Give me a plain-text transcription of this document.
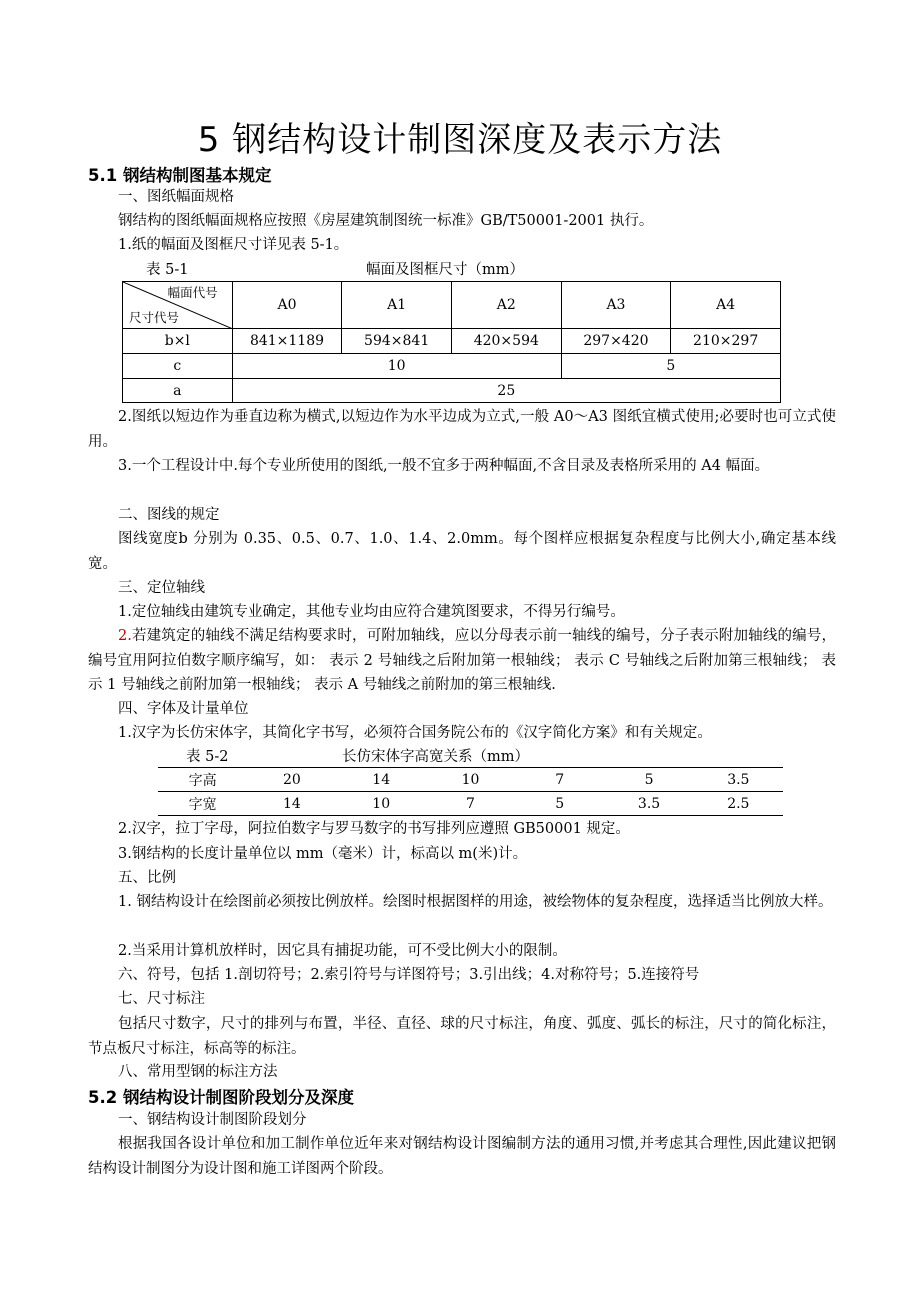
5 钢结构设计制图深度及表示方法
5.1 钢结构制图基本规定
一、图纸幅面规格
钢结构的图纸幅面规格应按照《房屋建筑制图统一标准》GB/T50001-2001 执行。
1.纸的幅面及图框尺寸详见表 5-1。
表 5-1	幅面及图框尺寸（mm）
幅面代号
尺寸代号	A0	A1	A2	A3	A4
b×l	841×1189	594×841	420×594	297×420	210×297
c	10			5	
a	25				
2.图纸以短边作为垂直边称为横式,以短边作为水平边成为立式,一般 A0～A3 图纸宜横式使用;必要时也可立式使用。
3.一个工程设计中.每个专业所使用的图纸,一般不宜多于两种幅面,不含目录及表格所采用的 A4 幅面。
二、图线的规定
图线宽度b 分别为 0.35、0.5、0.7、1.0、1.4、2.0mm。每个图样应根据复杂程度与比例大小,确定基本线宽。
三、定位轴线
1.定位轴线由建筑专业确定，其他专业均由应符合建筑图要求，不得另行编号。
2.若建筑定的轴线不满足结构要求时，可附加轴线，应以分母表示前一轴线的编号，分子表示附加轴线的编号，编号宜用阿拉伯数字顺序编写，如： 表示 2 号轴线之后附加第一根轴线； 表示 C 号轴线之后附加第三根轴线； 表示 1 号轴线之前附加第一根轴线； 表示 A 号轴线之前附加的第三根轴线.
四、字体及计量单位
1.汉字为长仿宋体字，其简化字书写，必须符合国务院公布的《汉字简化方案》和有关规定。
表 5-2	长仿宋体字高宽关系（mm）
字高	20	14	10	7	5	3.5
字宽	14	10	7	5	3.5	2.5
2.汉字，拉丁字母，阿拉伯数字与罗马数字的书写排列应遵照 GB50001 规定。
3.钢结构的长度计量单位以 mm（毫米）计，标高以 m(米)计。
五、比例
1. 钢结构设计在绘图前必须按比例放样。绘图时根据图样的用途，被绘物体的复杂程度，选择适当比例放大样。
2.当采用计算机放样时，因它具有捕捉功能，可不受比例大小的限制。
六、符号，包括 1.剖切符号；2.索引符号与详图符号；3.引出线；4.对称符号；5.连接符号
七、尺寸标注
包括尺寸数字，尺寸的排列与布置，半径、直径、球的尺寸标注，角度、弧度、弧长的标注，尺寸的简化标注，节点板尺寸标注，标高等的标注。
八、常用型钢的标注方法
5.2 钢结构设计制图阶段划分及深度
一、钢结构设计制图阶段划分
根据我国各设计单位和加工制作单位近年来对钢结构设计图编制方法的通用习惯,并考虑其合理性,因此建议把钢结构设计制图分为设计图和施工详图两个阶段。
